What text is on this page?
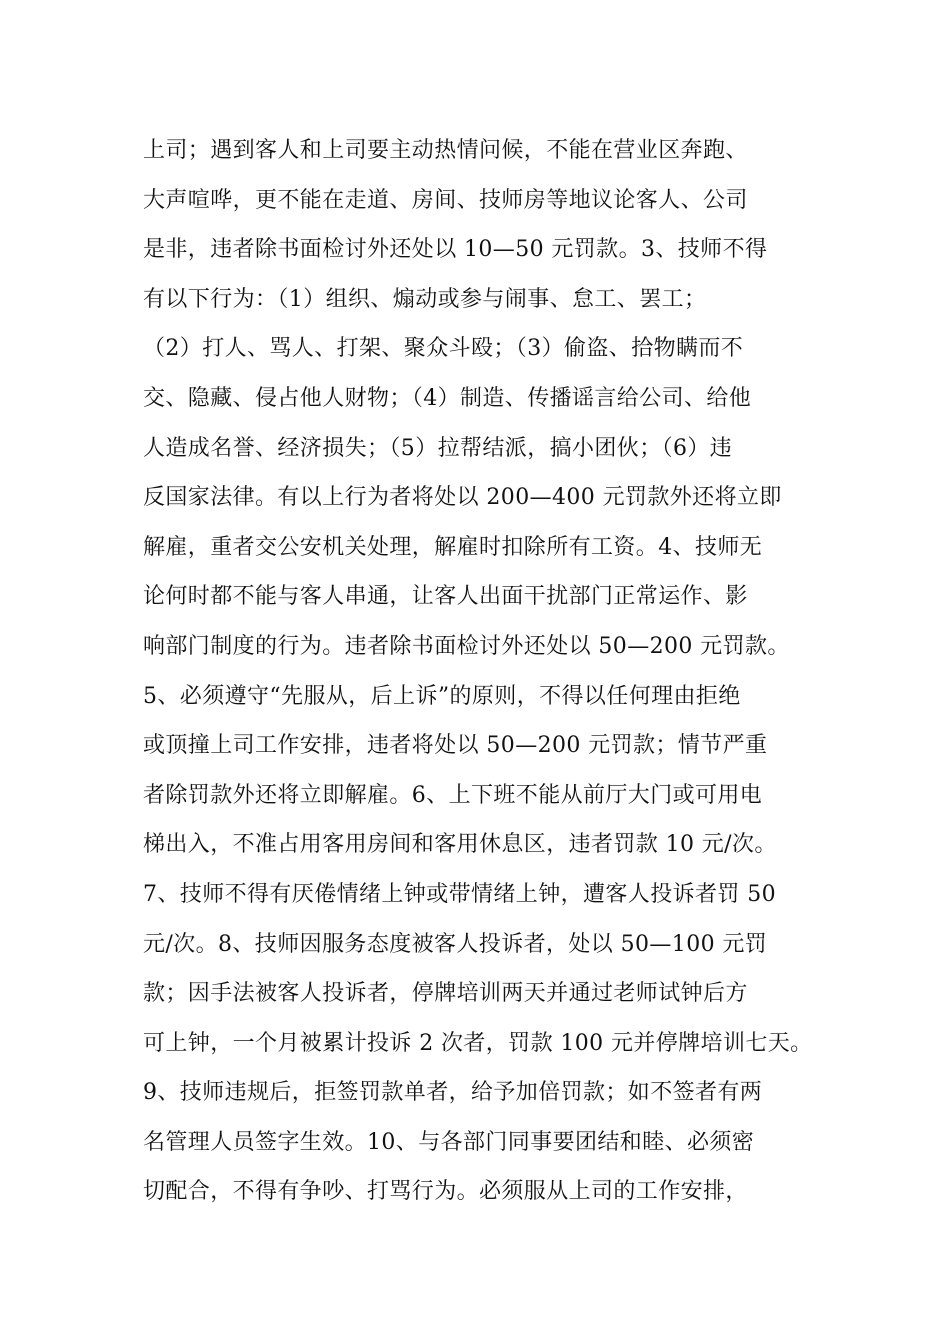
上司；遇到客人和上司要主动热情问候，不能在营业区奔跑、
大声喧哗，更不能在走道、房间、技师房等地议论客人、公司
是非，违者除书面检讨外还处以 10—50 元罚款。3、技师不得
有以下行为：（1）组织、煽动或参与闹事、怠工、罢工；
（2）打人、骂人、打架、聚众斗殴；（3）偷盗、拾物瞒而不
交、隐藏、侵占他人财物；（4）制造、传播谣言给公司、给他
人造成名誉、经济损失；（5）拉帮结派，搞小团伙；（6）违
反国家法律。有以上行为者将处以 200—400 元罚款外还将立即
解雇，重者交公安机关处理，解雇时扣除所有工资。4、技师无
论何时都不能与客人串通，让客人出面干扰部门正常运作、影
响部门制度的行为。违者除书面检讨外还处以 50—200 元罚款。
5、必须遵守“先服从，后上诉”的原则，不得以任何理由拒绝
或顶撞上司工作安排，违者将处以 50—200 元罚款；情节严重
者除罚款外还将立即解雇。6、上下班不能从前厅大门或可用电
梯出入，不准占用客用房间和客用休息区，违者罚款 10 元/次。
7、技师不得有厌倦情绪上钟或带情绪上钟，遭客人投诉者罚 50
元/次。8、技师因服务态度被客人投诉者，处以 50—100 元罚
款；因手法被客人投诉者，停牌培训两天并通过老师试钟后方
可上钟，一个月被累计投诉 2 次者，罚款 100 元并停牌培训七天。
9、技师违规后，拒签罚款单者，给予加倍罚款；如不签者有两
名管理人员签字生效。10、与各部门同事要团结和睦、必须密
切配合，不得有争吵、打骂行为。必须服从上司的工作安排，
